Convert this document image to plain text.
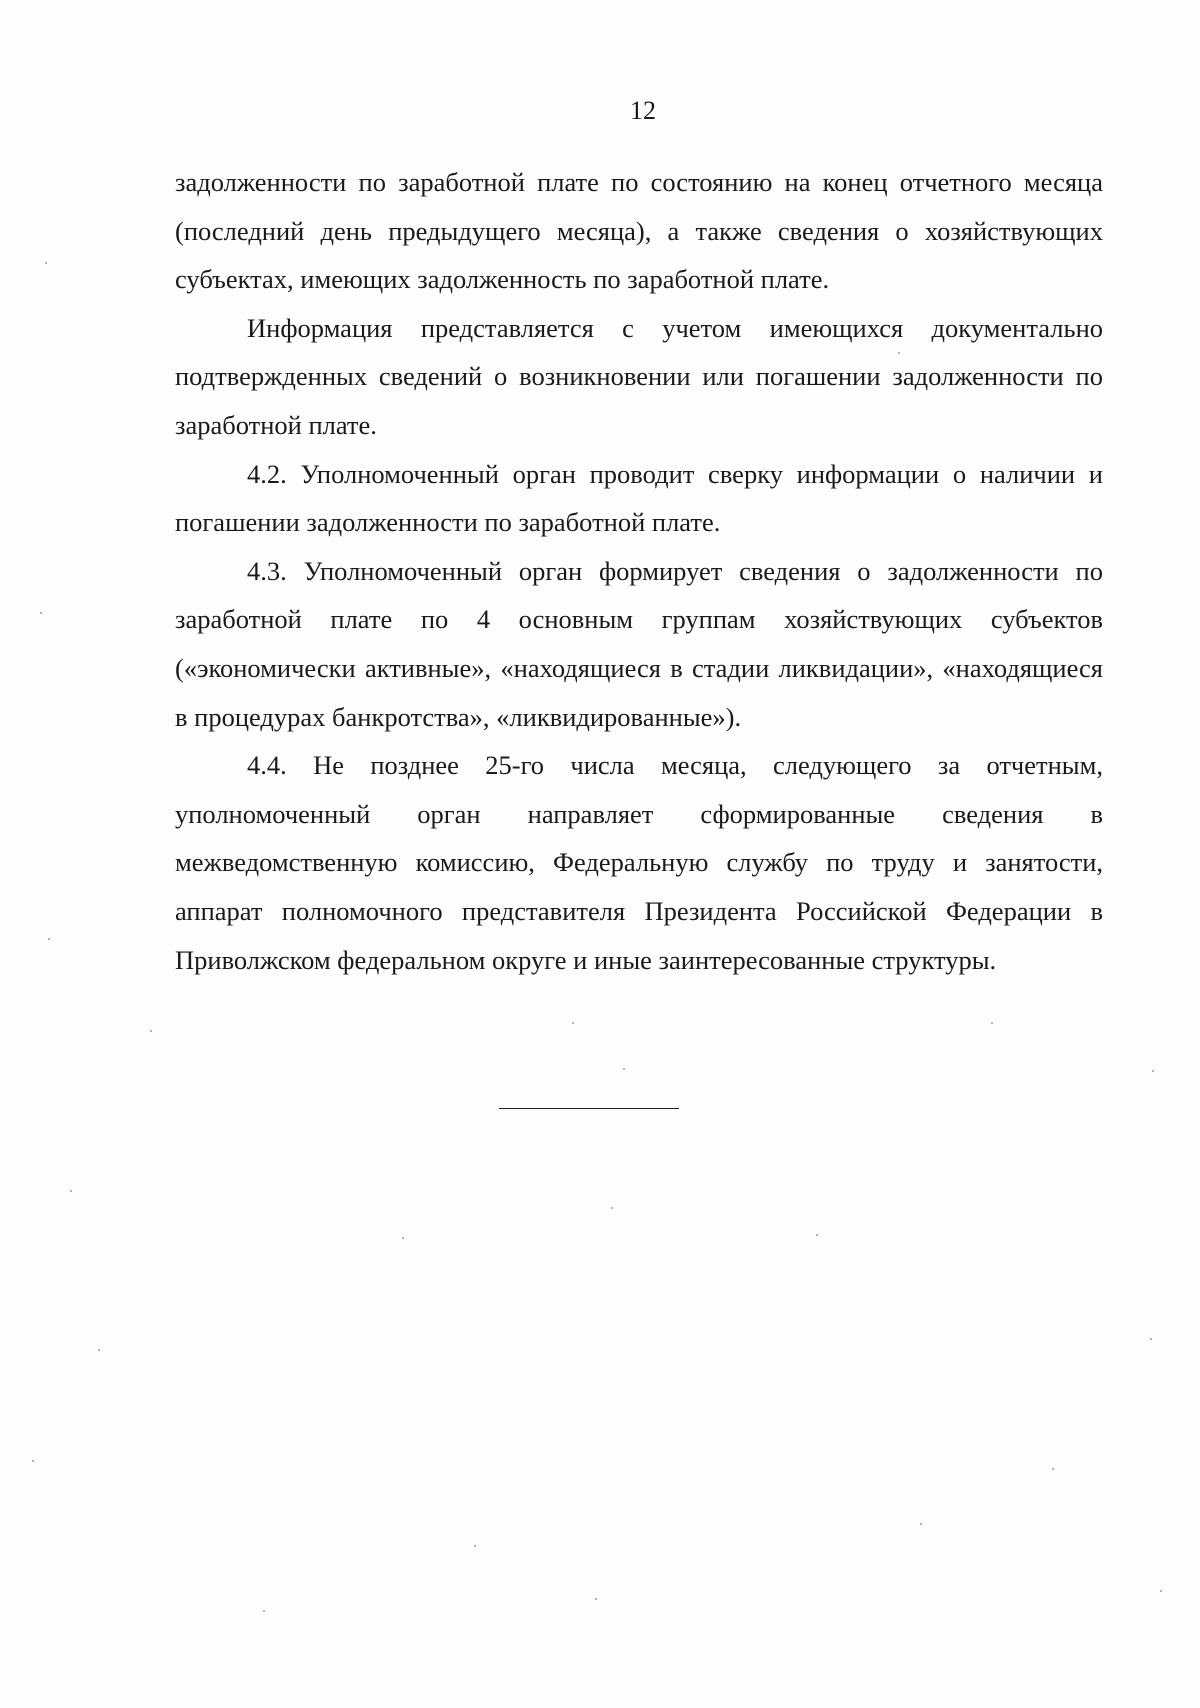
12

задолженности по заработной плате по состоянию на конец отчетного месяца (последний день предыдущего месяца), а также сведения о хозяйствующих субъектах, имеющих задолженность по заработной плате.

Информация представляется с учетом имеющихся документально подтвержденных сведений о возникновении или погашении задолженности по заработной плате.

4.2. Уполномоченный орган проводит сверку информации о наличии и погашении задолженности по заработной плате.

4.3. Уполномоченный орган формирует сведения о задолженности по заработной плате по 4 основным группам хозяйствующих субъектов («экономически активные», «находящиеся в стадии ликвидации», «находящиеся в процедурах банкротства», «ликвидированные»).

4.4. Не позднее 25-го числа месяца, следующего за отчетным, уполномоченный орган направляет сформированные сведения в межведомственную комиссию, Федеральную службу по труду и занятости, аппарат полномочного представителя Президента Российской Федерации в Приволжском федеральном округе и иные заинтересованные структуры.
